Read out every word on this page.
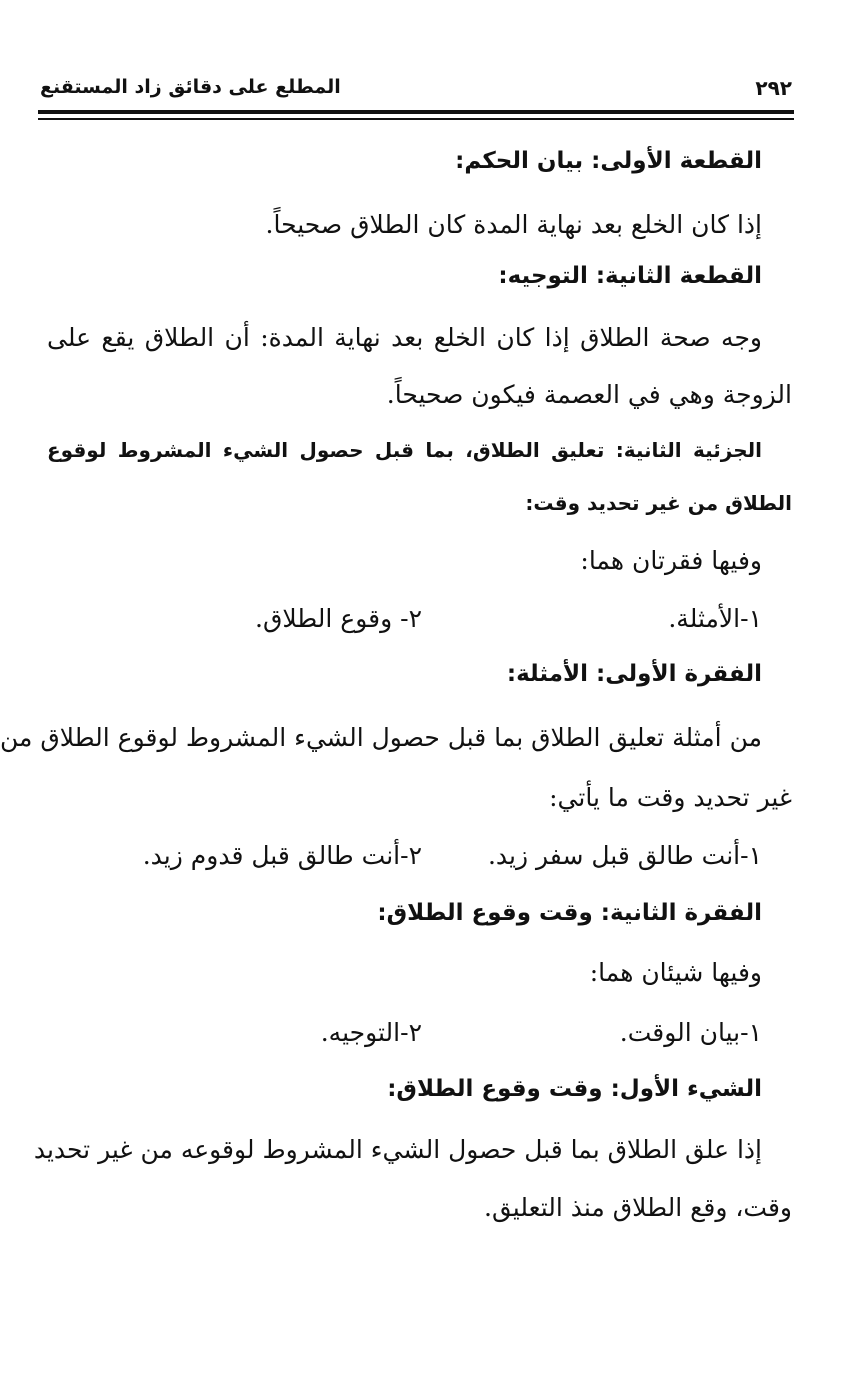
٢٩٢
المطلع على دقائق زاد المستقنع
القطعة الأولى: بيان الحكم:
إذا كان الخلع بعد نهاية المدة كان الطلاق صحيحاً.
القطعة الثانية: التوجيه:
وجه صحة الطلاق إذا كان الخلع بعد نهاية المدة: أن الطلاق يقع على
الزوجة وهي في العصمة فيكون صحيحاً.
الجزئية الثانية: تعليق الطلاق، بما قبل حصول الشيء المشروط لوقوع
الطلاق من غير تحديد وقت:
وفيها فقرتان هما:
١-الأمثلة.
٢- وقوع الطلاق.
الفقرة الأولى: الأمثلة:
من أمثلة تعليق الطلاق بما قبل حصول الشيء المشروط لوقوع الطلاق من
غير تحديد وقت ما يأتي:
١-أنت طالق قبل سفر زيد.
٢-أنت طالق قبل قدوم زيد.
الفقرة الثانية: وقت وقوع الطلاق:
وفيها شيئان هما:
١-بيان الوقت.
٢-التوجيه.
الشيء الأول: وقت وقوع الطلاق:
إذا علق الطلاق بما قبل حصول الشيء المشروط لوقوعه من غير تحديد
وقت، وقع الطلاق منذ التعليق.
